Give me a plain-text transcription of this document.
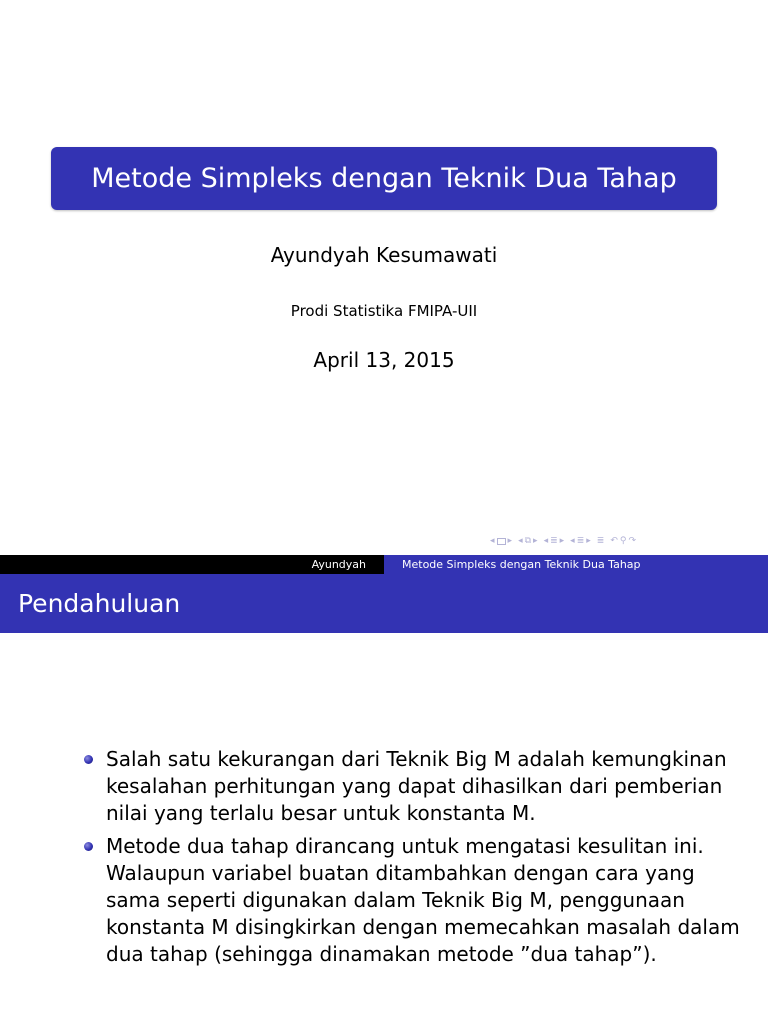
Metode Simpleks dengan Teknik Dua Tahap
Ayundyah Kesumawati
Prodi Statistika FMIPA-UII
April 13, 2015
◂ ▸ ◂ ⧉ ▸ ◂ ≣ ▸ ◂ ≣ ▸ ≣ ↶ ⚲ ↷
Ayundyah	Metode Simpleks dengan Teknik Dua Tahap
Pendahuluan
Salah satu kekurangan dari Teknik Big M adalah kemungkinan kesalahan perhitungan yang dapat dihasilkan dari pemberian nilai yang terlalu besar untuk konstanta M.
Metode dua tahap dirancang untuk mengatasi kesulitan ini. Walaupun variabel buatan ditambahkan dengan cara yang sama seperti digunakan dalam Teknik Big M, penggunaan konstanta M disingkirkan dengan memecahkan masalah dalam dua tahap (sehingga dinamakan metode ”dua tahap”).
